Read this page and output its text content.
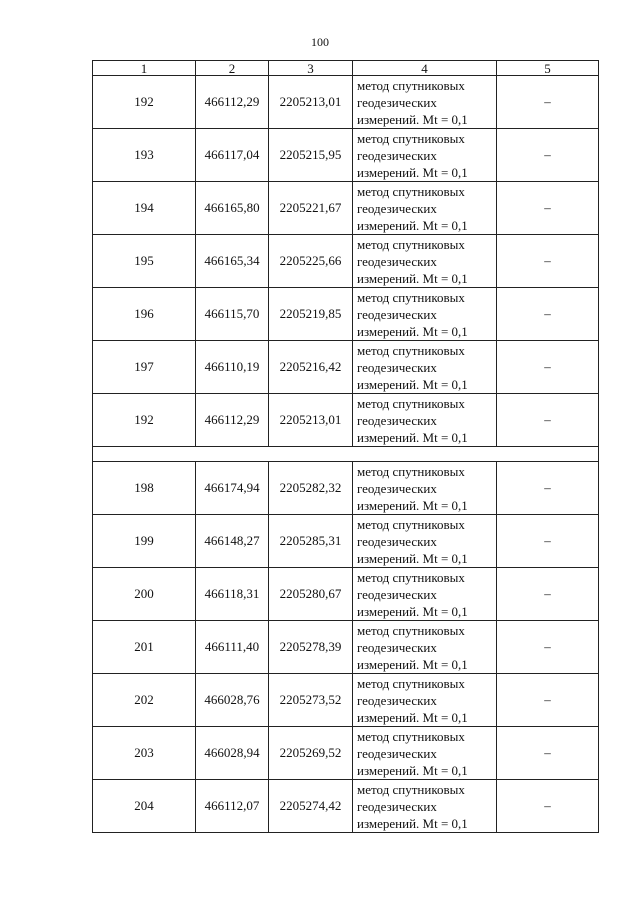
100
1	2	3	4	5
192	466112,29	2205213,01	метод спутниковых
геодезических
измерений. Mt = 0,1	–
193	466117,04	2205215,95	метод спутниковых
геодезических
измерений. Mt = 0,1	–
194	466165,80	2205221,67	метод спутниковых
геодезических
измерений. Mt = 0,1	–
195	466165,34	2205225,66	метод спутниковых
геодезических
измерений. Mt = 0,1	–
196	466115,70	2205219,85	метод спутниковых
геодезических
измерений. Mt = 0,1	–
197	466110,19	2205216,42	метод спутниковых
геодезических
измерений. Mt = 0,1	–
192	466112,29	2205213,01	метод спутниковых
геодезических
измерений. Mt = 0,1	–

198	466174,94	2205282,32	метод спутниковых
геодезических
измерений. Mt = 0,1	–
199	466148,27	2205285,31	метод спутниковых
геодезических
измерений. Mt = 0,1	–
200	466118,31	2205280,67	метод спутниковых
геодезических
измерений. Mt = 0,1	–
201	466111,40	2205278,39	метод спутниковых
геодезических
измерений. Mt = 0,1	–
202	466028,76	2205273,52	метод спутниковых
геодезических
измерений. Mt = 0,1	–
203	466028,94	2205269,52	метод спутниковых
геодезических
измерений. Mt = 0,1	–
204	466112,07	2205274,42	метод спутниковых
геодезических
измерений. Mt = 0,1	–
